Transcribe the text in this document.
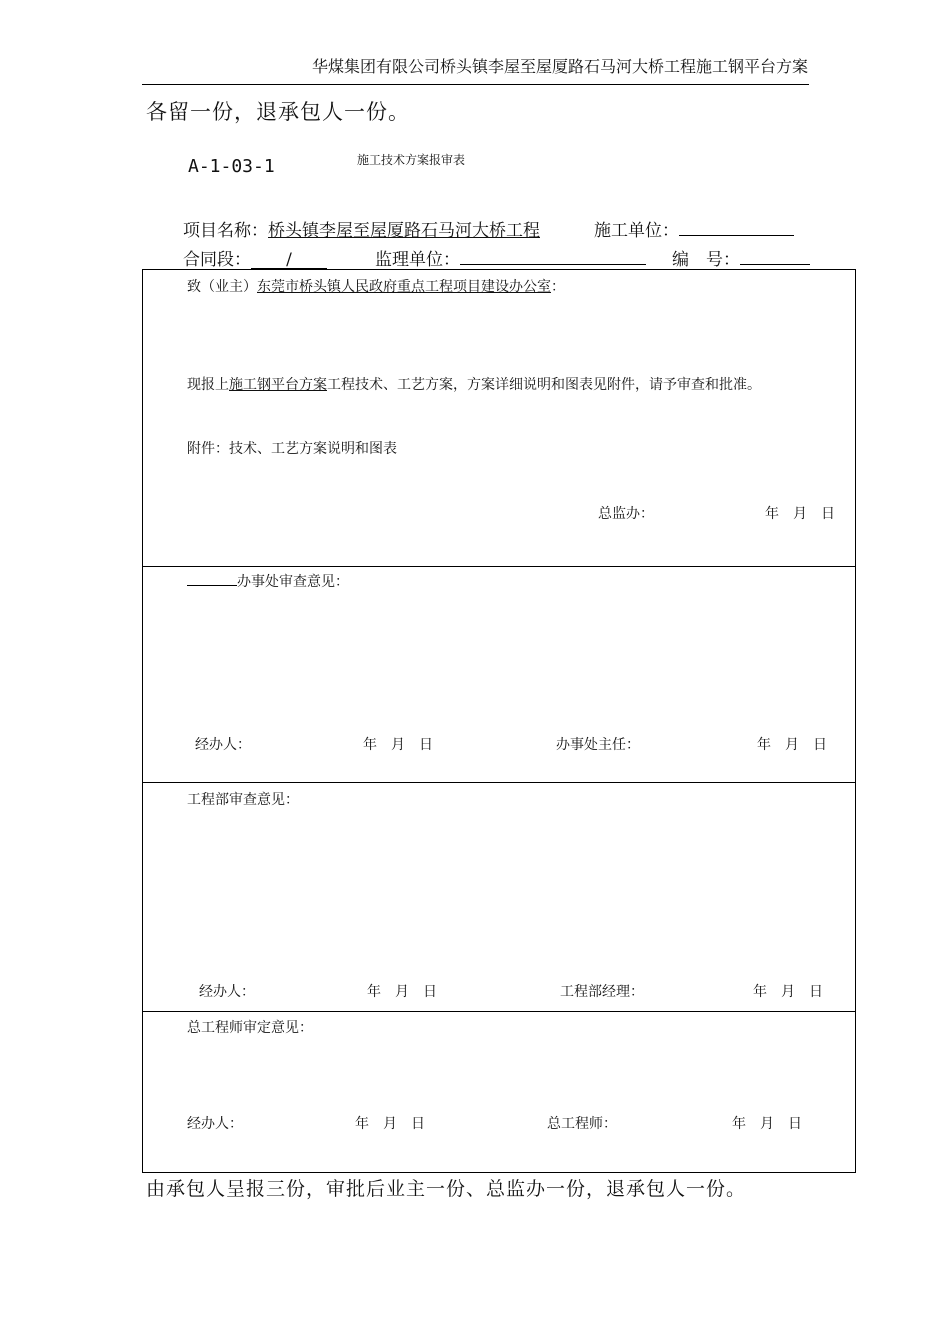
华煤集团有限公司桥头镇李屋至屋厦路石马河大桥工程施工钢平台方案
各留一份，退承包人一份。
A-1-03-1	施工技术方案报审表
项目名称：桥头镇李屋至屋厦路石马河大桥工程	施工单位：
合同段： /	监理单位：	编　号：
致（业主）东莞市桥头镇人民政府重点工程项目建设办公室：
现报上施工钢平台方案工程技术、工艺方案，方案详细说明和图表见附件，请予审查和批准。
附件：技术、工艺方案说明和图表
总监办：	年　月　日
办事处审查意见：
经办人：	年　月　日	办事处主任：	年　月　日
工程部审查意见：
经办人：	年　月　日	工程部经理：	年　月　日
总工程师审定意见：
经办人：	年　月　日	总工程师：	年　月　日
由承包人呈报三份，审批后业主一份、总监办一份，退承包人一份。
